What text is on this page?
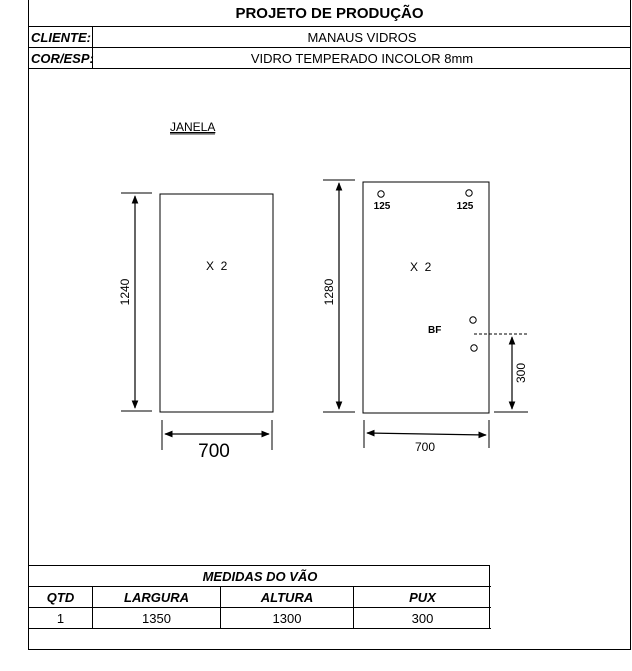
PROJETO DE PRODUÇÃO
CLIENTE:	MANAUS VIDROS
COR/ESP:	VIDRO TEMPERADO INCOLOR 8mm
JANELA
X  2
1240
700
125	125
X  2
BF
1280
300
700
MEDIDAS DO VÃO
QTD	LARGURA	ALTURA	PUX
1	1350	1300	300
